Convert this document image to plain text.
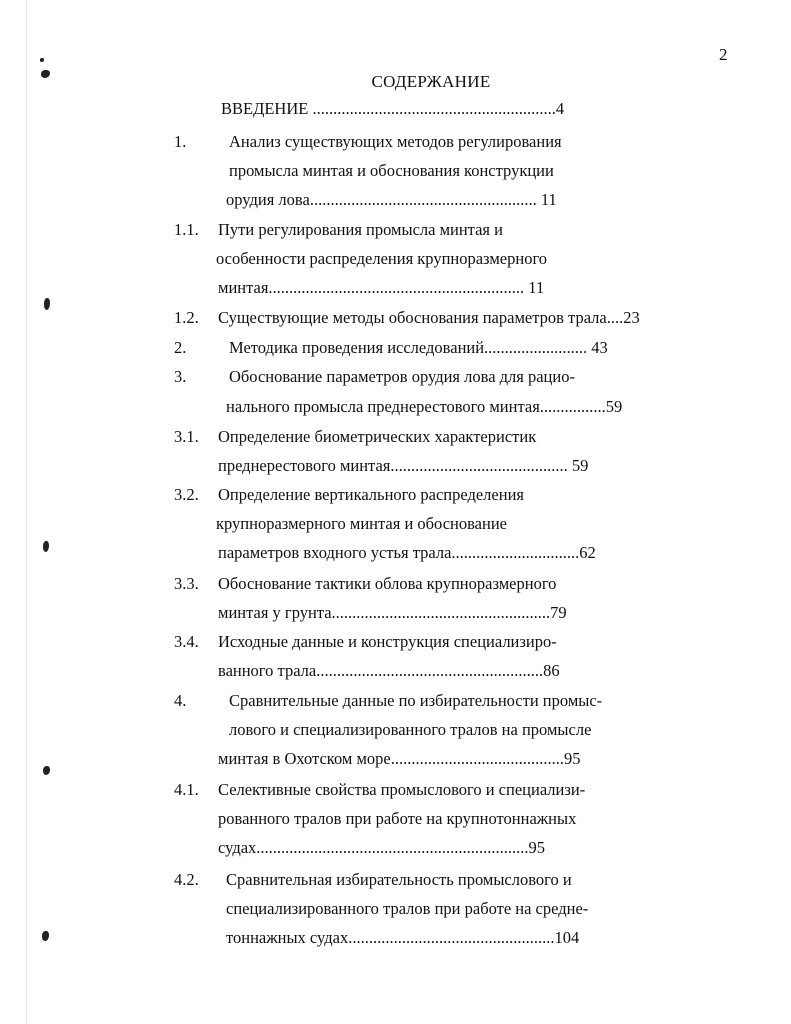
2
СОДЕРЖАНИЕ
ВВЕДЕНИЕ ...........................................................4
1.	Анализ существующих методов регулирования
промысла минтая и обоснования конструкции
орудия лова....................................................... 11
1.1. Пути регулирования промысла минтая и
особенности распределения крупноразмерного
минтая.............................................................. 11
1.2. Существующие методы обоснования параметров трала....23
2.	Методика проведения исследований......................... 43
3.	Обоснование параметров орудия лова для рацио-
нального промысла преднерестового минтая................59
3.1. Определение биометрических характеристик
преднерестового минтая........................................... 59
3.2. Определение вертикального распределения
крупноразмерного минтая и обоснование
параметров входного устья трала...............................62
3.3. Обоснование тактики облова крупноразмерного
минтая у грунта.....................................................79
3.4. Исходные данные и конструкция специализиро-
ванного трала.......................................................86
4.	Сравнительные данные по избирательности промыс-
лового и специализированного тралов на промысле
минтая в Охотском море..........................................95
4.1. Селективные свойства промыслового и специализи-
рованного тралов при работе на крупнотоннажных
судах..................................................................95
4.2. Сравнительная избирательность промыслового и
специализированного тралов при работе на средне-
тоннажных судах..................................................104
